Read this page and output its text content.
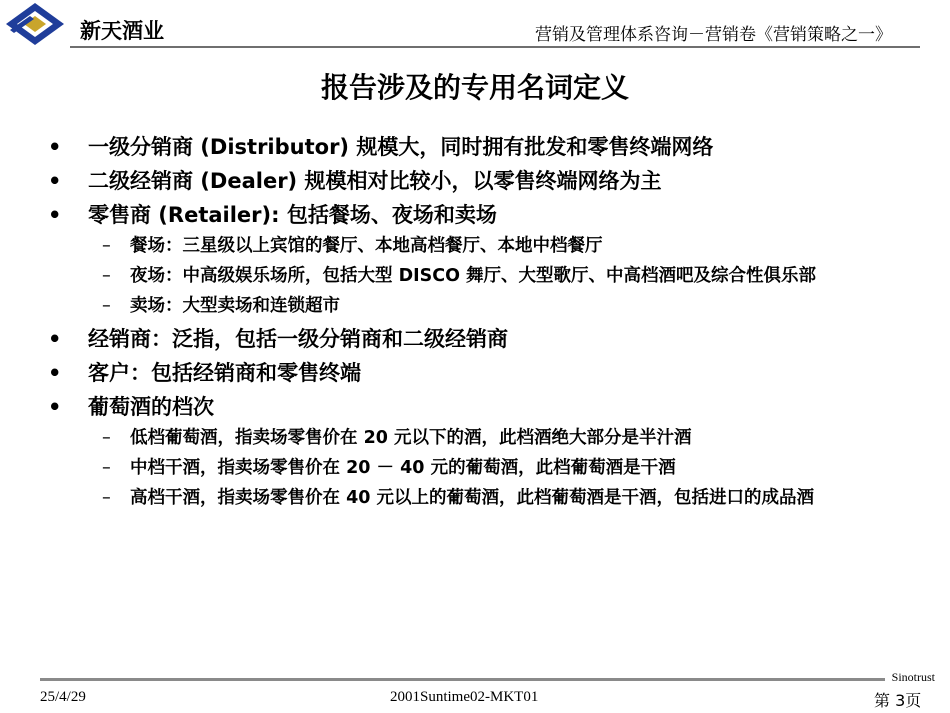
新天酒业	营销及管理体系咨询－营销卷《营销策略之一》
报告涉及的专用名词定义
• 一级分销商 (Distributor) 规模大，同时拥有批发和零售终端网络
• 二级经销商 (Dealer) 规模相对比较小，以零售终端网络为主
• 零售商 (Retailer): 包括餐场、夜场和卖场
– 餐场：三星级以上宾馆的餐厅、本地高档餐厅、本地中档餐厅
– 夜场：中高级娱乐场所，包括大型 DISCO 舞厅、大型歌厅、中高档酒吧及综合性俱乐部
– 卖场：大型卖场和连锁超市
• 经销商：泛指，包括一级分销商和二级经销商
• 客户：包括经销商和零售终端
• 葡萄酒的档次
– 低档葡萄酒，指卖场零售价在 20 元以下的酒，此档酒绝大部分是半汁酒
– 中档干酒，指卖场零售价在 20 － 40 元的葡萄酒，此档葡萄酒是干酒
– 高档干酒，指卖场零售价在 40 元以上的葡萄酒，此档葡萄酒是干酒，包括进口的成品酒
Sinotrust
25/4/29	2001Suntime02-MKT01	第 3页
